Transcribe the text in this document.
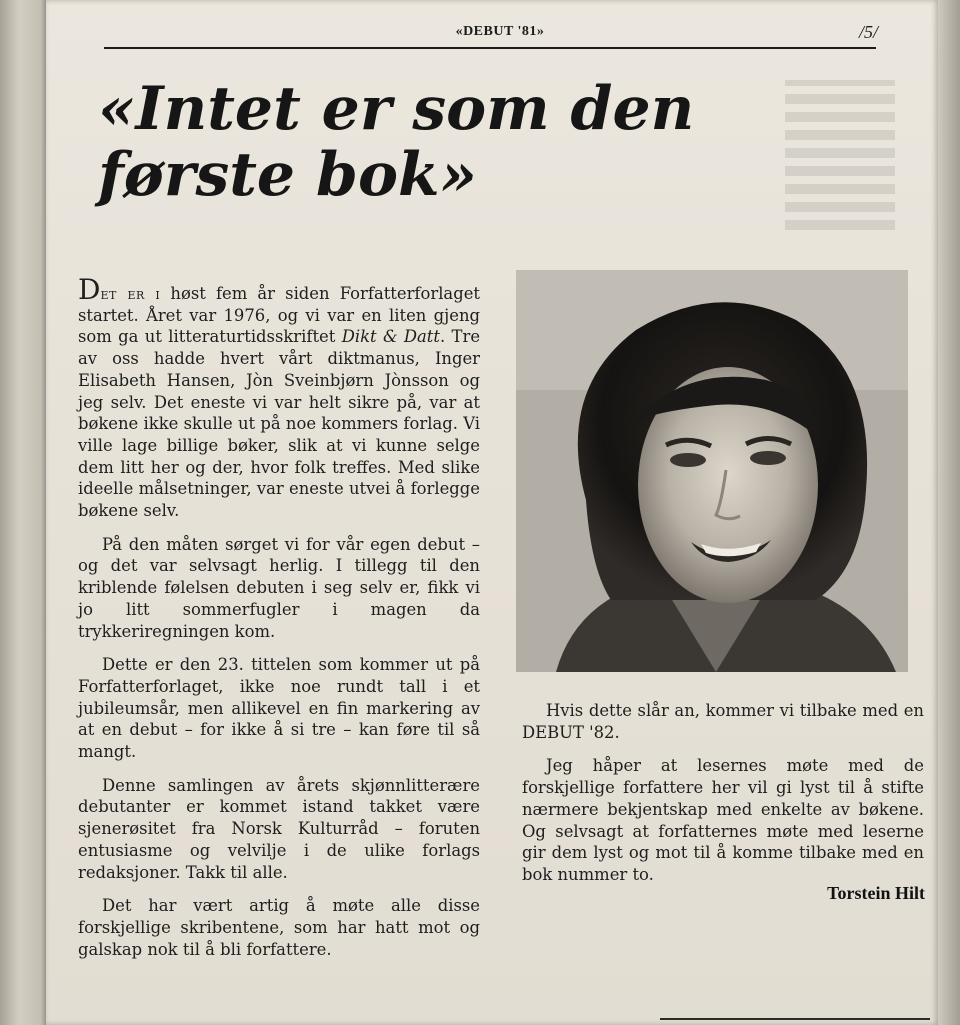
«DEBUT '81»	/5/
«Intet er som den
første bok»

Det er i høst fem år siden Forfatterforlaget startet. Året var 1976, og vi var en liten gjeng som ga ut litteraturtidsskriftet Dikt & Datt. Tre av oss hadde hvert vårt diktmanus, Inger Elisabeth Hansen, Jòn Sveinbjørn Jònsson og jeg selv. Det eneste vi var helt sikre på, var at bøkene ikke skulle ut på noe kommers forlag. Vi ville lage billige bøker, slik at vi kunne selge dem litt her og der, hvor folk treffes. Med slike ideelle målsetninger, var eneste utvei å forlegge bøkene selv.

På den måten sørget vi for vår egen debut – og det var selvsagt herlig. I tillegg til den kriblende følelsen debuten i seg selv er, fikk vi jo litt sommerfugler i magen da trykkeriregningen kom.

Dette er den 23. tittelen som kommer ut på Forfatterforlaget, ikke noe rundt tall i et jubileumsår, men allikevel en fin markering av at en debut – for ikke å si tre – kan føre til så mangt.

Denne samlingen av årets skjønnlitterære debutanter er kommet istand takket være sjenerøsitet fra Norsk Kulturråd – foruten entusiasme og velvilje i de ulike forlags redaksjoner. Takk til alle.

Det har vært artig å møte alle disse forskjellige skribentene, som har hatt mot og galskap nok til å bli forfattere.

Hvis dette slår an, kommer vi tilbake med en DEBUT '82.

Jeg håper at lesernes møte med de forskjellige forfattere her vil gi lyst til å stifte nærmere bekjentskap med enkelte av bøkene. Og selvsagt at forfatternes møte med leserne gir dem lyst og mot til å komme tilbake med en bok nummer to.

Torstein Hilt
